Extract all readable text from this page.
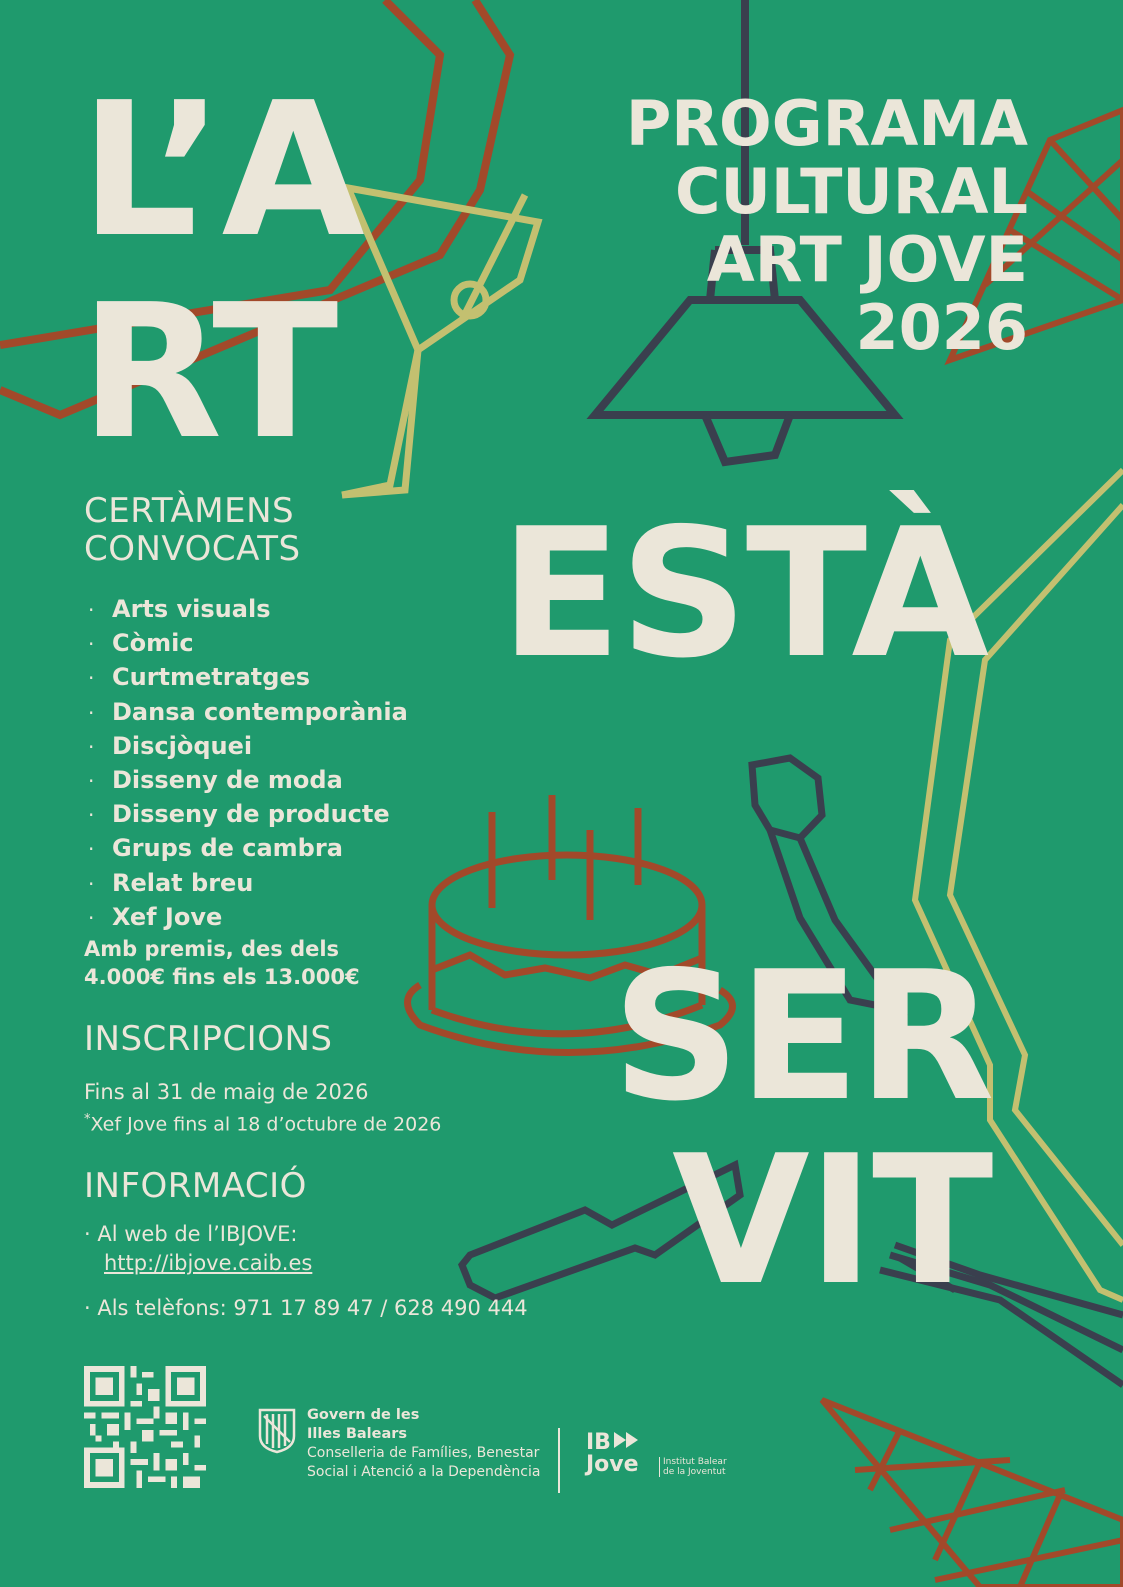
L’A
RT
ESTÀ
SER
VIT
PROGRAMA
CULTURAL
ART JOVE
2026
CERTÀMENS
CONVOCATS
· Arts visuals
· Còmic
· Curtmetratges
· Dansa contemporània
· Discjòquei
· Disseny de moda
· Disseny de producte
· Grups de cambra
· Relat breu
· Xef Jove
Amb premis, des dels
4.000€ fins els 13.000€
INSCRIPCIONS
Fins al 31 de maig de 2026
*Xef Jove fins al 18 d’octubre de 2026
INFORMACIÓ
· Al web de l’IBJOVE:
http://ibjove.caib.es
· Als telèfons: 971 17 89 47 / 628 490 444
Govern de les
Illes Balears
Conselleria de Famílies, Benestar
Social i Atenció a la Dependència
IB
Jove	Institut Balear
de la Joventut
